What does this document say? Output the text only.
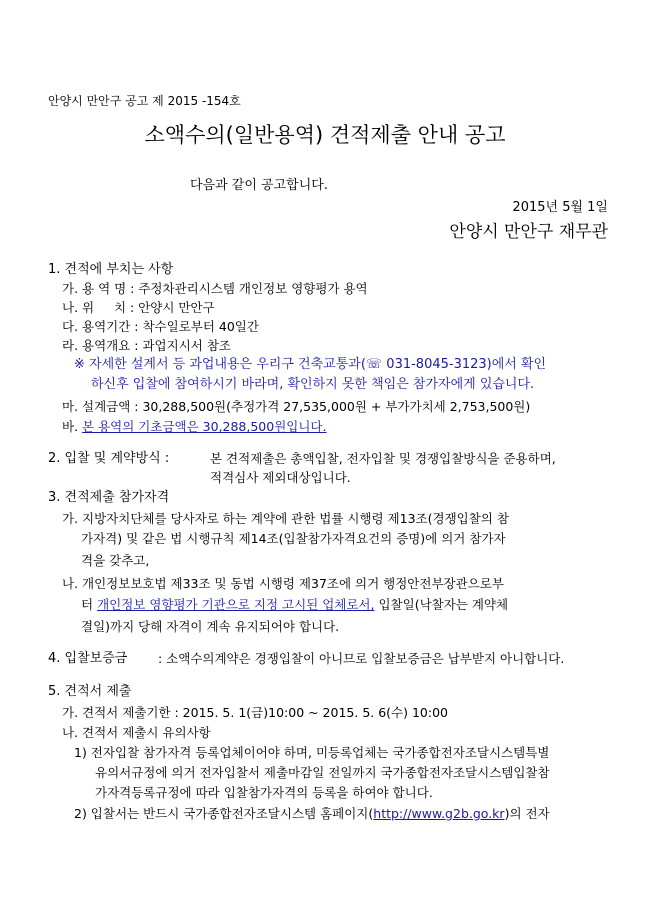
안양시 만안구 공고 제 2015 -154호
소액수의(일반용역) 견적제출 안내 공고
다음과 같이 공고합니다.
2015년 5월 1일
안양시 만안구 재무관
1. 견적에 부치는 사항
가. 용 역 명 : 주정차관리시스템 개인정보 영향평가 용역
나. 위     치 : 안양시 만안구
다. 용역기간 : 착수일로부터 40일간
라. 용역개요 : 과업지시서 참조
※ 자세한 설계서 등 과업내용은 우리구 건축교통과(☏ 031-8045-3123)에서 확인
하신후 입찰에 참여하시기 바라며, 확인하지 못한 책임은 참가자에게 있습니다.
마. 설계금액 : 30,288,500원(추정가격 27,535,000원 + 부가가치세 2,753,500원)
바. 본 용역의 기초금액은 30,288,500원입니다.
2. 입찰 및 계약방식 :	본 견적제출은 총액입찰, 전자입찰 및 경쟁입찰방식을 준용하며,
적격심사 제외대상입니다.
3. 견적제출 참가자격
가. 지방자치단체를 당사자로 하는 계약에 관한 법률 시행령 제13조(경쟁입찰의 참
가자격) 및 같은 법 시행규칙 제14조(입찰참가자격요건의 증명)에 의거 참가자
격을 갖추고,
나. 개인정보보호법 제33조 및 동법 시행령 제37조에 의거 행정안전부장관으로부
터 개인정보 영향평가 기관으로 지정 고시된 업체로서, 입찰일(낙찰자는 계약체
결일)까지 당해 자격이 계속 유지되어야 합니다.
4. 입찰보증금 : 소액수의계약은 경쟁입찰이 아니므로 입찰보증금은 납부받지 아니합니다.
5. 견적서 제출
가. 견적서 제출기한 : 2015. 5. 1(금)10:00 ~ 2015. 5. 6(수) 10:00
나. 견적서 제출시 유의사항
1) 전자입찰 참가자격 등록업체이어야 하며, 미등록업체는 국가종합전자조달시스템특별
유의서규정에 의거 전자입찰서 제출마감일 전일까지 국가종합전자조달시스템입찰참
가자격등록규정에 따라 입찰참가자격의 등록을 하여야 합니다.
2) 입찰서는 반드시 국가종합전자조달시스템 홈페이지(http://www.g2b.go.kr)의 전자
